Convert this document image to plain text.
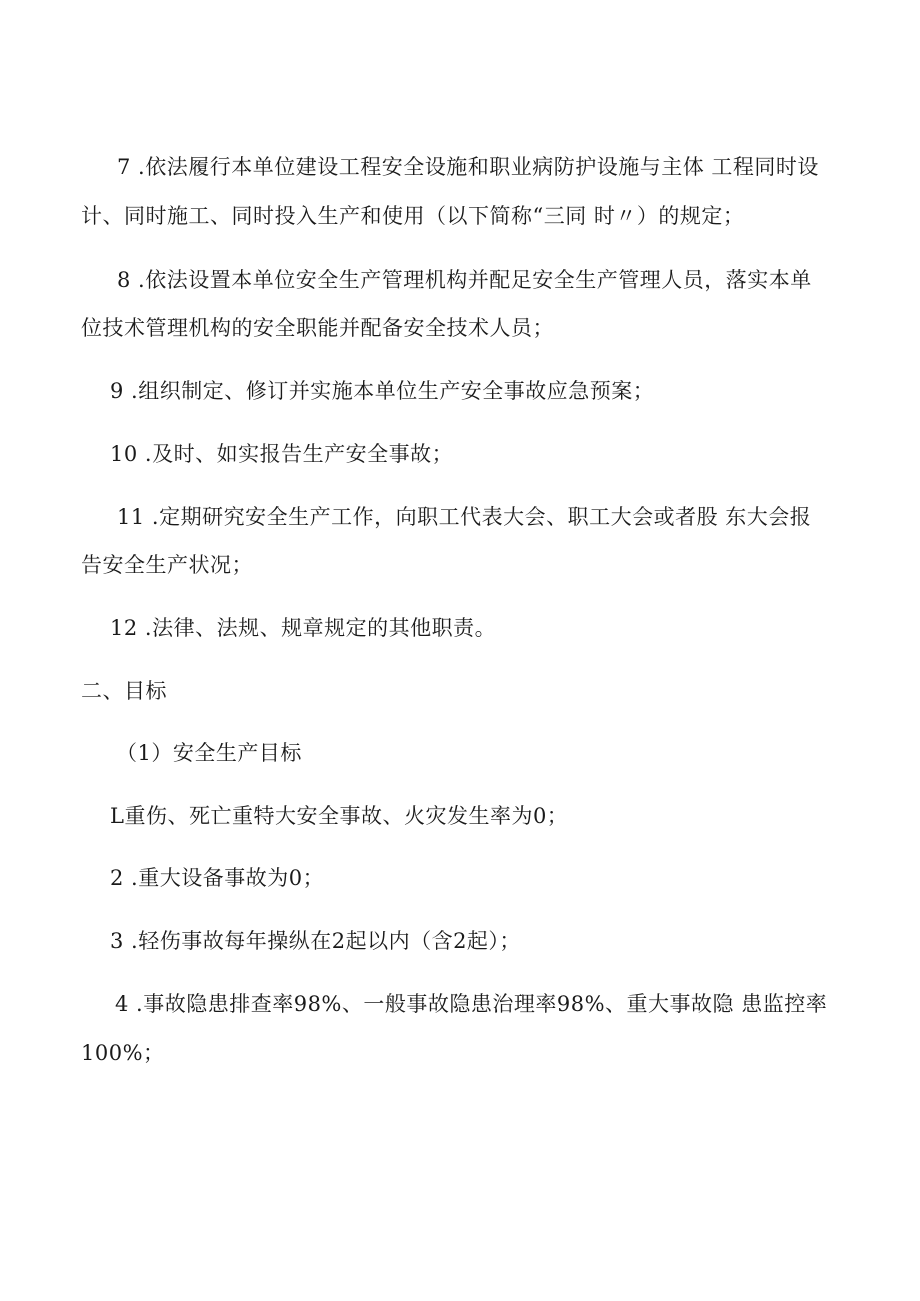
7 .依法履行本单位建设工程安全设施和职业病防护设施与主体 工程同时设
计、同时施工、同时投入生产和使用（以下简称“三同 时〃）的规定；
8 .依法设置本单位安全生产管理机构并配足安全生产管理人员，落实本单
位技术管理机构的安全职能并配备安全技术人员；
9 .组织制定、修订并实施本单位生产安全事故应急预案；
10 .及时、如实报告生产安全事故；
11 .定期研究安全生产工作，向职工代表大会、职工大会或者股 东大会报
告安全生产状况；
12 .法律、法规、规章规定的其他职责。
二、目标
（1）安全生产目标
L重伤、死亡重特大安全事故、火灾发生率为0；
2 .重大设备事故为0；
3 .轻伤事故每年操纵在2起以内（含2起）；
4 .事故隐患排查率98%、一般事故隐患治理率98%、重大事故隐 患监控率
100%；
